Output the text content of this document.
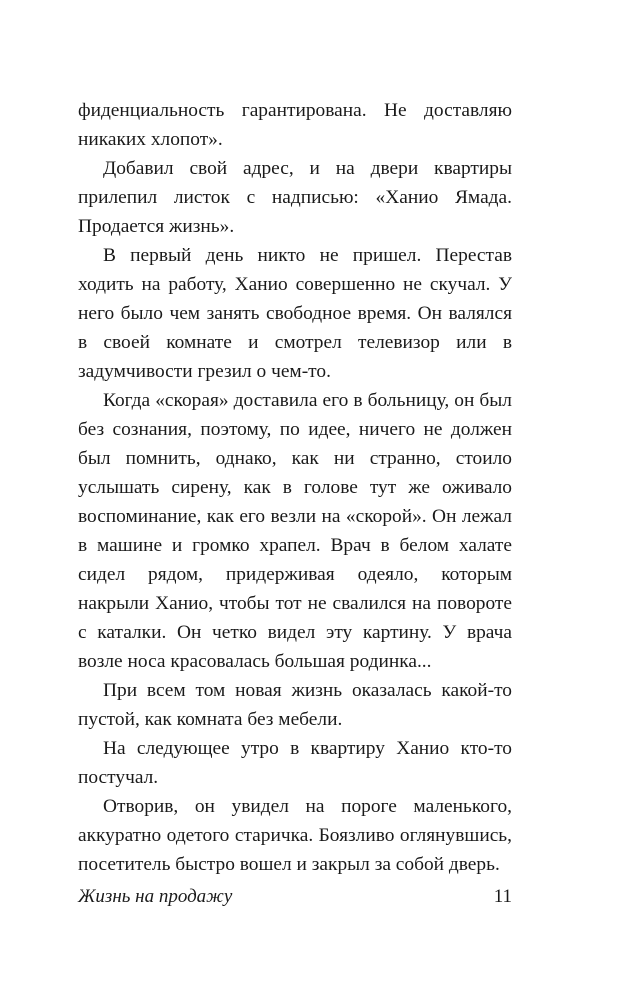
фиденциальность гарантирована. Не доставляю никаких хлопот».

Добавил свой адрес, и на двери квартиры прилепил листок с надписью: «Ханио Ямада. Продается жизнь».

В первый день никто не пришел. Перестав ходить на работу, Ханио совершенно не скучал. У него было чем занять свободное время. Он валялся в своей комнате и смотрел телевизор или в задумчивости грезил о чем-то.

Когда «скорая» доставила его в больницу, он был без сознания, поэтому, по идее, ничего не должен был помнить, однако, как ни странно, стоило услышать сирену, как в голове тут же оживало воспоминание, как его везли на «скорой». Он лежал в машине и громко храпел. Врач в белом халате сидел рядом, придерживая одеяло, которым накрыли Ханио, чтобы тот не свалился на повороте с каталки. Он четко видел эту картину. У врача возле носа красовалась большая родинка...

При всем том новая жизнь оказалась какой-то пустой, как комната без мебели.

На следующее утро в квартиру Ханио кто-то постучал.

Отворив, он увидел на пороге маленького, аккуратно одетого старичка. Боязливо оглянувшись, посетитель быстро вошел и закрыл за собой дверь.

Жизнь на продажу	11
